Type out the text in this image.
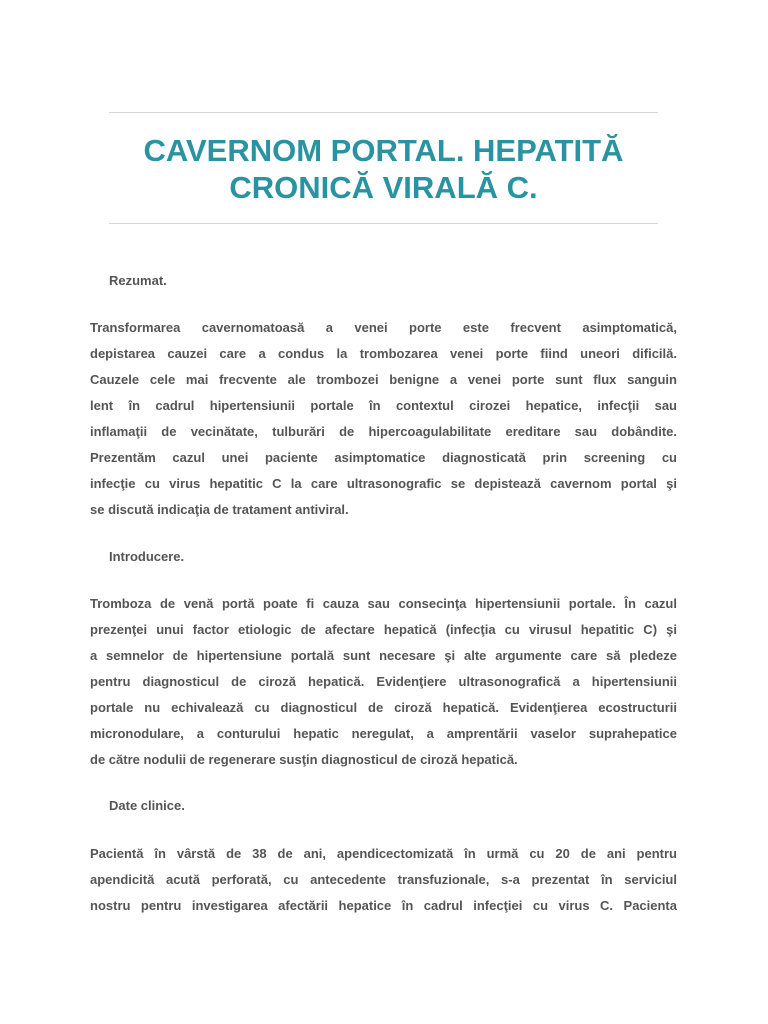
CAVERNOM PORTAL. HEPATITĂ
CRONICĂ VIRALĂ C.
Rezumat.

Transformarea cavernomatoasă a venei porte este frecvent asimptomatică,
depistarea cauzei care a condus la trombozarea venei porte fiind uneori dificilă.
Cauzele cele mai frecvente ale trombozei benigne a venei porte sunt flux sanguin
lent în cadrul hipertensiunii portale în contextul cirozei hepatice, infecţii sau
inflamaţii de vecinătate, tulburări de hipercoagulabilitate ereditare sau dobândite.
Prezentăm cazul unei paciente asimptomatice diagnosticată prin screening cu
infecţie cu virus hepatitic C la care ultrasonografic se depistează cavernom portal şi
se discută indicaţia de tratament antiviral.

Introducere.

Tromboza de venă portă poate fi cauza sau consecinţa hipertensiunii portale. În cazul
prezenţei unui factor etiologic de afectare hepatică (infecţia cu virusul hepatitic C) şi
a semnelor de hipertensiune portală sunt necesare şi alte argumente care să pledeze
pentru diagnosticul de ciroză hepatică. Evidenţiere ultrasonografică a hipertensiunii
portale nu echivalează cu diagnosticul de ciroză hepatică. Evidenţierea ecostructurii
micronodulare, a conturului hepatic neregulat, a amprentării vaselor suprahepatice
de către nodulii de regenerare susţin diagnosticul de ciroză hepatică.

Date clinice.

Pacientă în vârstă de 38 de ani, apendicectomizată în urmă cu 20 de ani pentru
apendicită acută perforată, cu antecedente transfuzionale, s-a prezentat în serviciul
nostru pentru investigarea afectării hepatice în cadrul infecţiei cu virus C. Pacienta
